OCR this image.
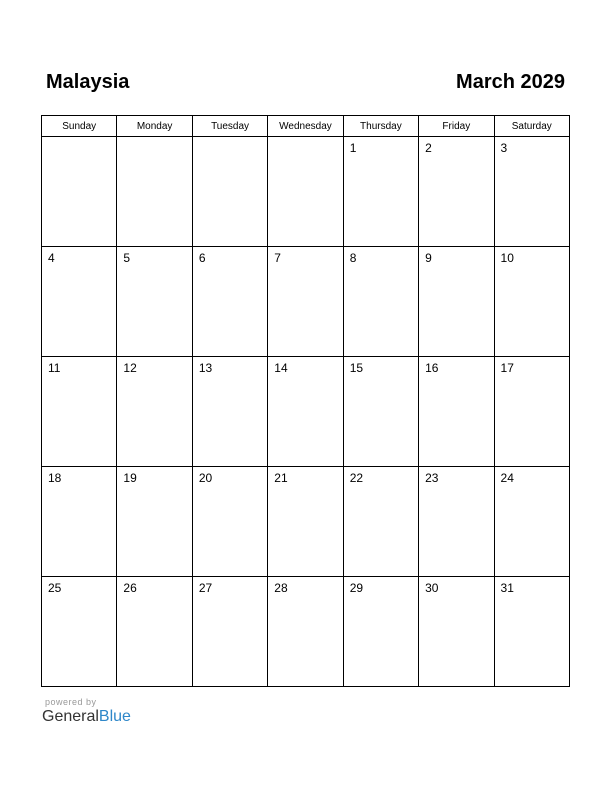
Malaysia	March 2029
Sunday	Monday	Tuesday	Wednesday	Thursday	Friday	Saturday

				1	2	3

4	5	6	7	8	9	10

11	12	13	14	15	16	17

18	19	20	21	22	23	24

25	26	27	28	29	30	31
powered by
GeneralBlue
